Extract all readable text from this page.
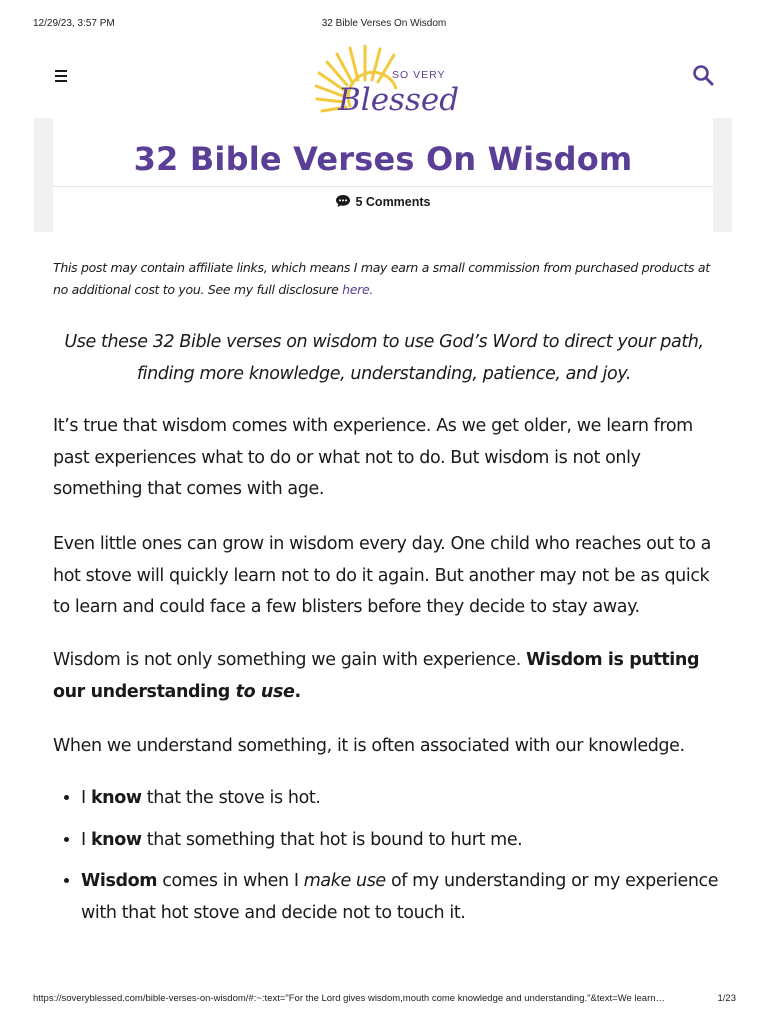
12/29/23, 3:57 PM	32 Bible Verses On Wisdom
SO VERY
Blessed
32 Bible Verses On Wisdom
5 Comments

This post may contain affiliate links, which means I may earn a small commission from purchased products at no additional cost to you. See my full disclosure here.

Use these 32 Bible verses on wisdom to use God’s Word to direct your path, finding more knowledge, understanding, patience, and joy.

It’s true that wisdom comes with experience. As we get older, we learn from past experiences what to do or what not to do. But wisdom is not only something that comes with age.

Even little ones can grow in wisdom every day. One child who reaches out to a hot stove will quickly learn not to do it again. But another may not be as quick to learn and could face a few blisters before they decide to stay away.

Wisdom is not only something we gain with experience. Wisdom is putting our understanding to use.

When we understand something, it is often associated with our knowledge.

• I know that the stove is hot.
• I know that something that hot is bound to hurt me.
• Wisdom comes in when I make use of my understanding or my experience with that hot stove and decide not to touch it.
https://soveryblessed.com/bible-verses-on-wisdom/#:~:text="For the Lord gives wisdom,mouth come knowledge and understanding."&text=We learn…	1/23
